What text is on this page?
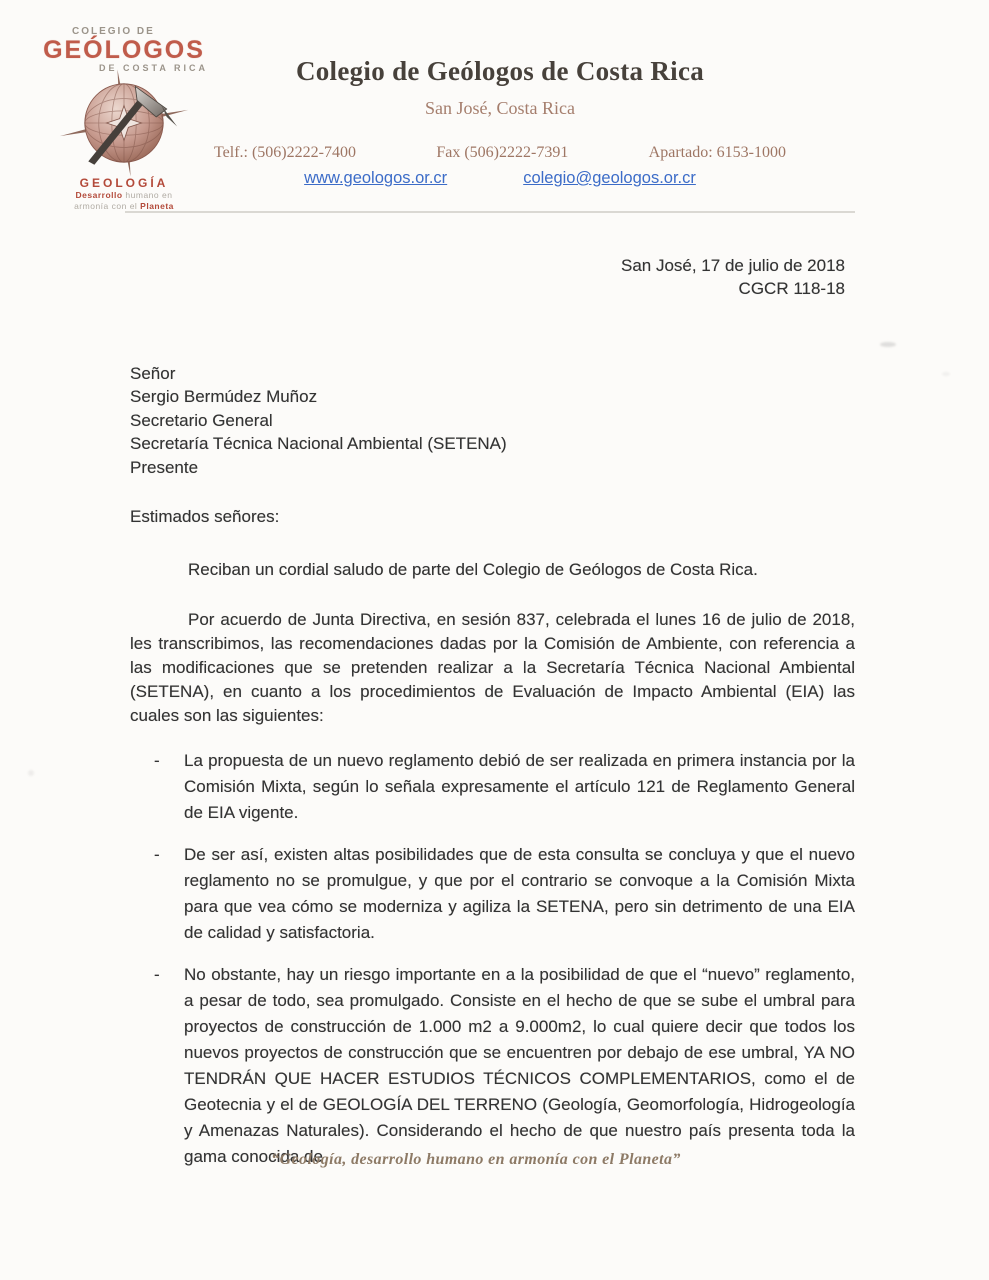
COLEGIO DE
GEÓLOGOS
DE COSTA RICA
GEOLOGÍA
Desarrollo humano en
armonía con el Planeta
Colegio de Geólogos de Costa Rica
San José, Costa Rica
Telf.: (506)2222-7400	Fax (506)2222-7391	Apartado: 6153-1000
www.geologos.or.cr	colegio@geologos.or.cr
San José, 17 de julio de 2018
CGCR 118-18
Señor
Sergio Bermúdez Muñoz
Secretario General
Secretaría Técnica Nacional Ambiental (SETENA)
Presente

Estimados señores:

Reciban un cordial saludo de parte del Colegio de Geólogos de Costa Rica.

Por acuerdo de Junta Directiva, en sesión 837, celebrada el lunes 16 de julio de 2018, les transcribimos, las recomendaciones dadas por la Comisión de Ambiente, con referencia a las modificaciones que se pretenden realizar a la Secretaría Técnica Nacional Ambiental (SETENA), en cuanto a los procedimientos de Evaluación de Impacto Ambiental (EIA) las cuales son las siguientes:

- La propuesta de un nuevo reglamento debió de ser realizada en primera instancia por la Comisión Mixta, según lo señala expresamente el artículo 121 de Reglamento General de EIA vigente.
- De ser así, existen altas posibilidades que de esta consulta se concluya y que el nuevo reglamento no se promulgue, y que por el contrario se convoque a la Comisión Mixta para que vea cómo se moderniza y agiliza la SETENA, pero sin detrimento de una EIA de calidad y satisfactoria.
- No obstante, hay un riesgo importante en a la posibilidad de que el “nuevo” reglamento, a pesar de todo, sea promulgado. Consiste en el hecho de que se sube el umbral para proyectos de construcción de 1.000 m2 a 9.000m2, lo cual quiere decir que todos los nuevos proyectos de construcción que se encuentren por debajo de ese umbral, YA NO TENDRÁN QUE HACER ESTUDIOS TÉCNICOS COMPLEMENTARIOS, como el de Geotecnia y el de GEOLOGÍA DEL TERRENO (Geología, Geomorfología, Hidrogeología y Amenazas Naturales). Considerando el hecho de que nuestro país presenta toda la gama conocida de
“Geología, desarrollo humano en armonía con el Planeta”
